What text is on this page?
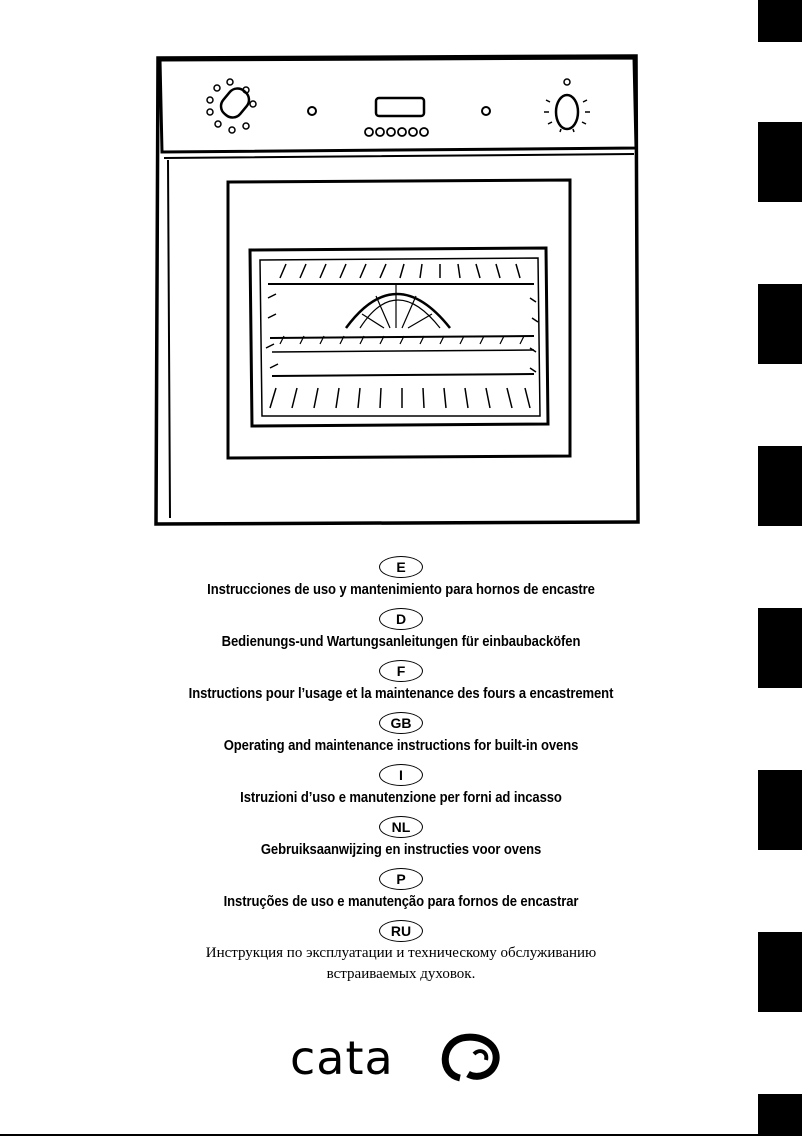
E
Instrucciones de uso y mantenimiento para hornos de encastre
D
Bedienungs-und Wartungsanleitungen für einbaubacköfen
F
Instructions pour l’usage et la maintenance des fours a encastrement
GB
Operating and maintenance instructions for built-in ovens
I
Istruzioni d’uso e manutenzione per forni ad incasso
NL
Gebruiksaanwijzing en instructies voor ovens
P
Instruções de uso e manutenção para fornos de encastrar
RU
Инструкция по эксплуатации и техническому обслуживанию
встраиваемых духовок.
cata
